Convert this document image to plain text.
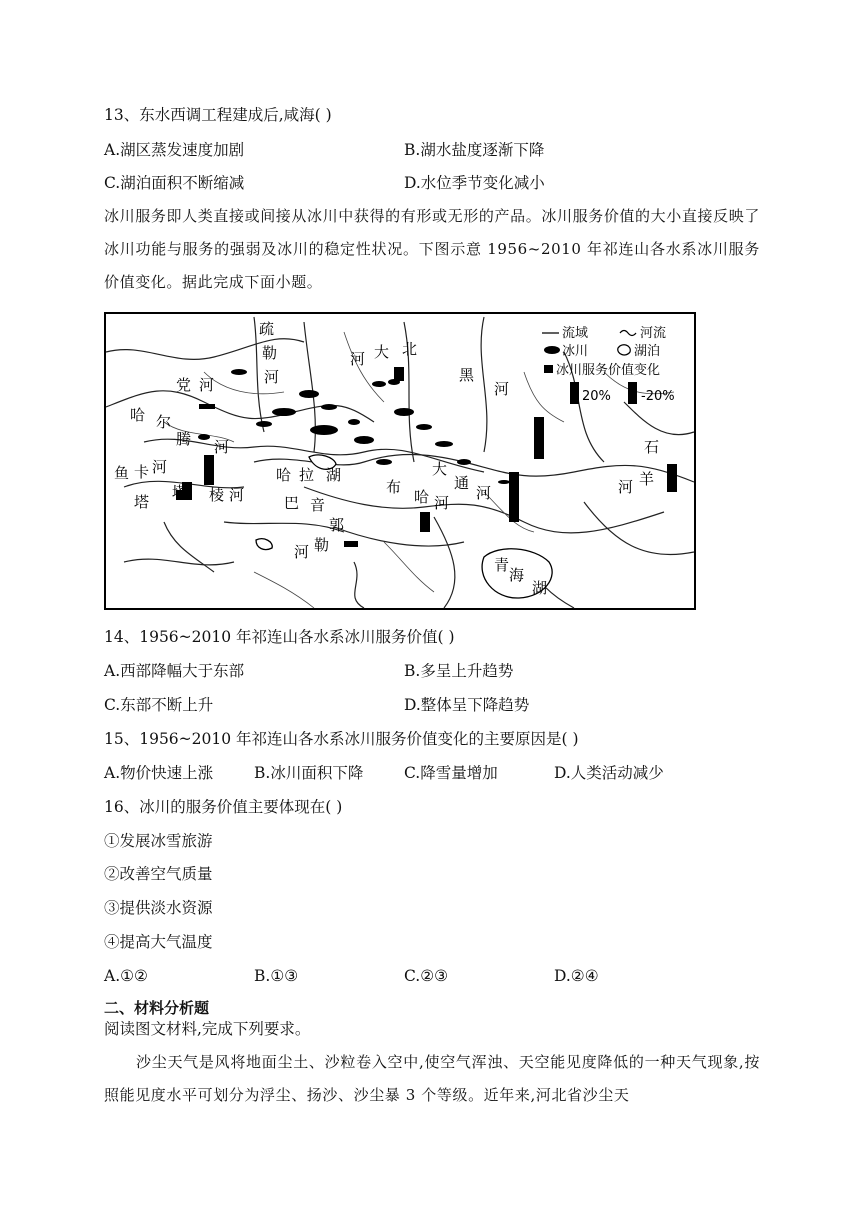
13、东水西调工程建成后,咸海( )
A.湖区蒸发速度加剧	B.湖水盐度逐渐下降
C.湖泊面积不断缩减	D.水位季节变化减小
冰川服务即人类直接或间接从冰川中获得的有形或无形的产品。冰川服务价值的大小直接反映了冰川功能与服务的强弱及冰川的稳定性状况。下图示意 1956~2010 年祁连山各水系冰川服务价值变化。据此完成下面小题。
流域	河流
冰川	湖泊
冰川服务价值变化
20% -20%
疏
勒
河
河 大 北
党 河
黑
河
哈 尔
腾 河
鱼 卡 河
塔
塔 棱 河
哈 拉 湖
巴 音
郭
勒
河
布
哈 河
大
通
河
青
海
湖
石
羊
河
14、1956~2010 年祁连山各水系冰川服务价值( )
A.西部降幅大于东部	B.多呈上升趋势
C.东部不断上升	D.整体呈下降趋势
15、1956~2010 年祁连山各水系冰川服务价值变化的主要原因是( )
A.物价快速上涨	B.冰川面积下降	C.降雪量增加	D.人类活动减少
16、冰川的服务价值主要体现在( )
①发展冰雪旅游
②改善空气质量
③提供淡水资源
④提高大气温度
A.①②	B.①③	C.②③	D.②④
二、材料分析题
阅读图文材料,完成下列要求。
沙尘天气是风将地面尘土、沙粒卷入空中,使空气浑浊、天空能见度降低的一种天气现象,按照能见度水平可划分为浮尘、扬沙、沙尘暴 3 个等级。近年来,河北省沙尘天
